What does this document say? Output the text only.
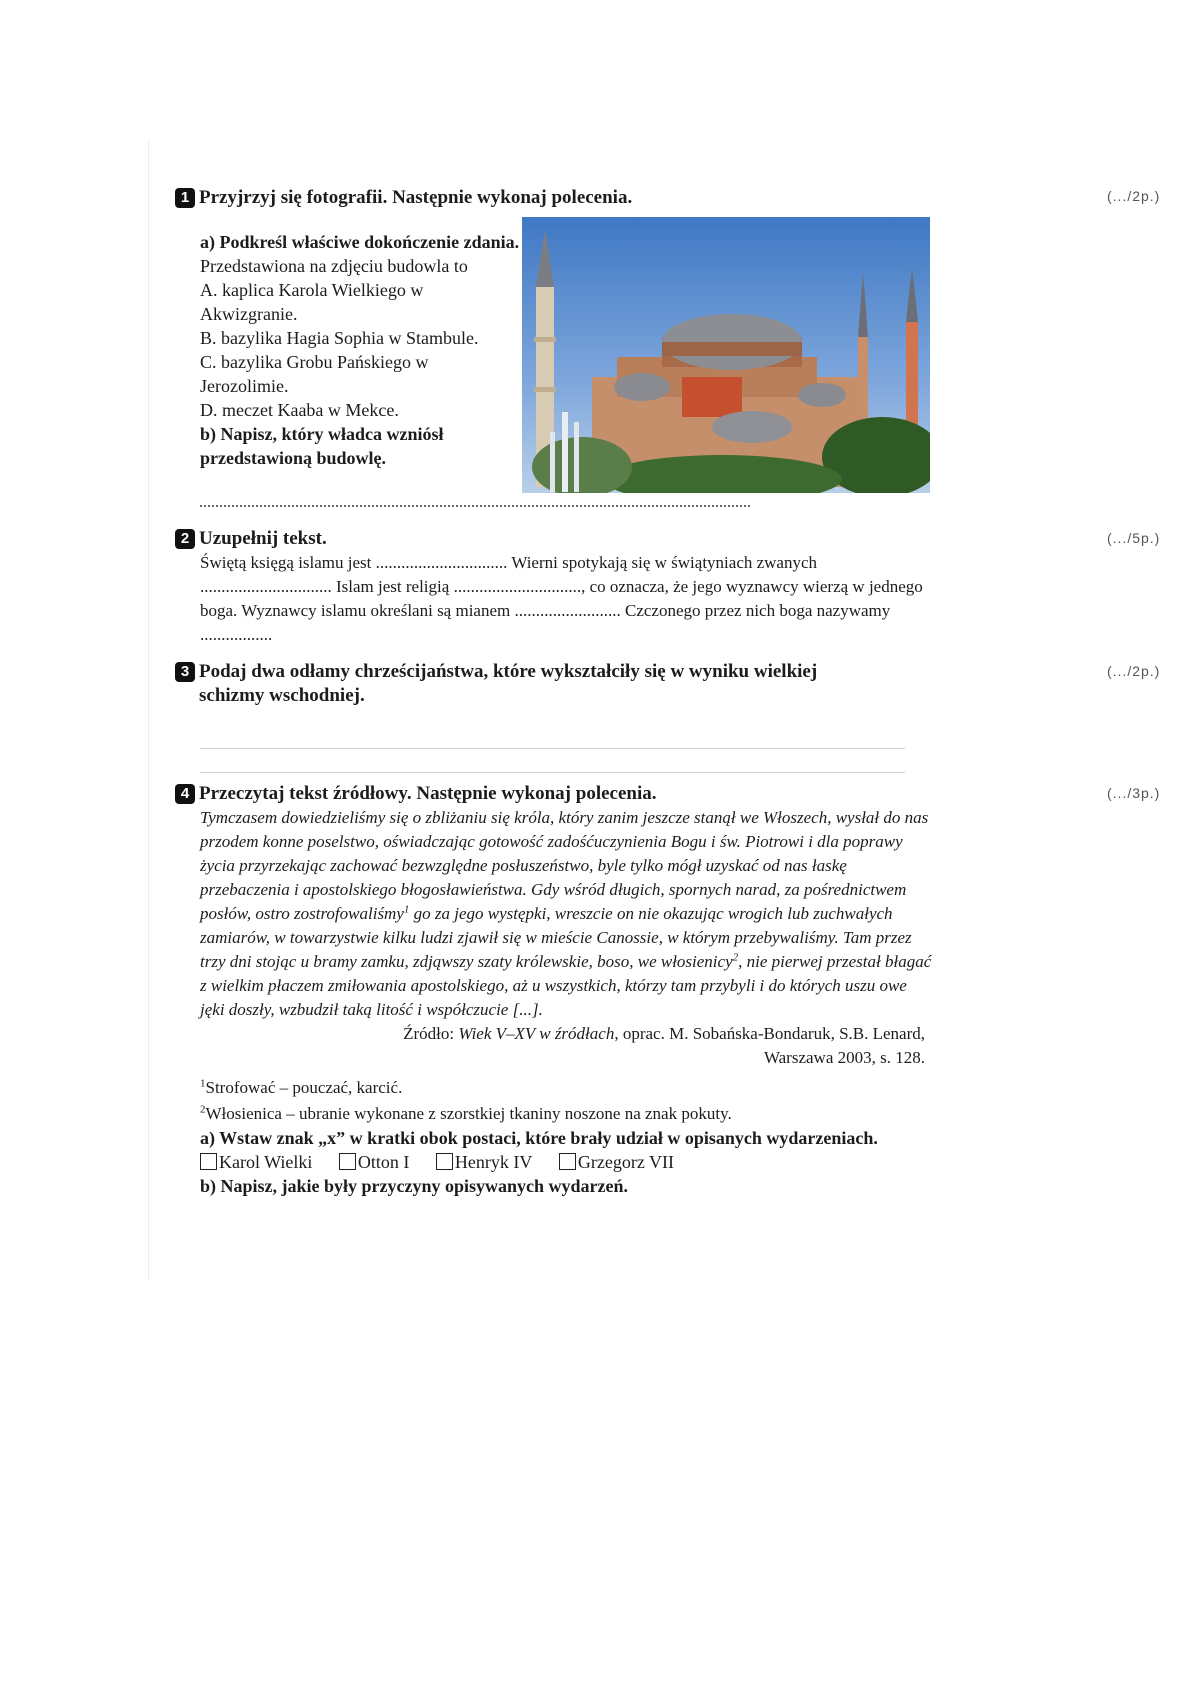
1 Przyjrzyj się fotografii. Następnie wykonaj polecenia.	(.../2p.)
a) Podkreśl właściwe dokończenie zdania.
Przedstawiona na zdjęciu budowla to
A. kaplica Karola Wielkiego w Akwizgranie.
B. bazylika Hagia Sophia w Stambule.
C. bazylika Grobu Pańskiego w Jerozolimie.
D. meczet Kaaba w Mekce.
b) Napisz, który władca wzniósł przedstawioną budowlę.
2 Uzupełnij tekst.
Świętą księgą islamu jest ............................... Wierni spotykają się w świątyniach zwanych ............................... Islam jest religią .............................., co oznacza, że jego wyznawcy wierzą w jednego boga. Wyznawcy islamu określani są mianem ......................... Czczonego przez nich boga nazywamy .................
(.../5p.)
3 Podaj dwa odłamy chrześcijaństwa, które wykształciły się w wyniku wielkiej schizmy wschodniej.
(.../2p.)
4 Przeczytaj tekst źródłowy. Następnie wykonaj polecenia.
Tymczasem dowiedzieliśmy się o zbliżaniu się króla, który zanim jeszcze stanął we Włoszech, wysłał do nas przodem konne poselstwo, oświadczając gotowość zadośćuczynienia Bogu i św. Piotrowi i dla poprawy życia przyrzekając zachować bezwzględne posłuszeństwo, byle tylko mógł uzyskać od nas łaskę przebaczenia i apostolskiego błogosławieństwa. Gdy wśród długich, spornych narad, za pośrednictwem posłów, ostro zostrofowaliśmy$^1$ go za jego występki, wreszcie on nie okazując wrogich lub zuchwałych zamiarów, w towarzystwie kilku ludzi zjawił się w mieście Canossie, w którym przebywaliśmy. Tam przez trzy dni stojąc u bramy zamku, zdjąwszy szaty królewskie, boso, we włosienicy$^2$, nie pierwej przestał błagać z wielkim płaczem zmiłowania apostolskiego, aż u wszystkich, którzy tam przybyli i do których uszu owe jęki doszły, wzbudził taką litość i współczucie [...].
Źródło: Wiek V–XV w źródłach, oprac. M. Sobańska-Bondaruk, S.B. Lenard,
Warszawa 2003, s. 128.
$^1$Strofować – pouczać, karcić.
$^2$Włosienica – ubranie wykonane z szorstkiej tkaniny noszone na znak pokuty.
a) Wstaw znak „x” w kratki obok postaci, które brały udział w opisanych wydarzeniach.
Karol Wielki	Otton I	Henryk IV	Grzegorz VII
b) Napisz, jakie były przyczyny opisywanych wydarzeń.
(.../3p.)
